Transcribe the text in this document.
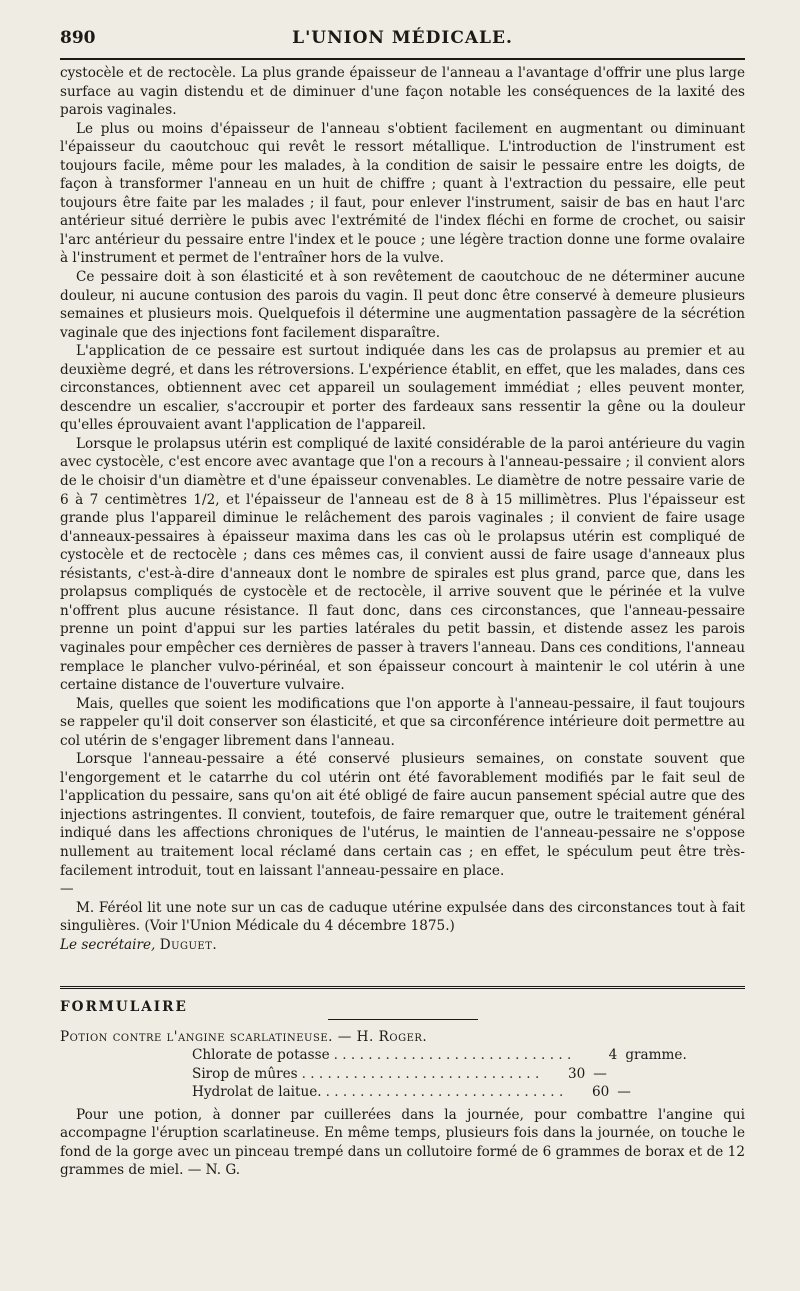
890	L'UNION MÉDICALE.

cystocèle et de rectocèle. La plus grande épaisseur de l'anneau a l'avantage d'offrir une plus large surface au vagin distendu et de diminuer d'une façon notable les conséquences de la laxité des parois vaginales.

Le plus ou moins d'épaisseur de l'anneau s'obtient facilement en augmentant ou diminuant l'épaisseur du caoutchouc qui revêt le ressort métallique. L'introduction de l'instrument est toujours facile, même pour les malades, à la condition de saisir le pessaire entre les doigts, de façon à transformer l'anneau en un huit de chiffre ; quant à l'extraction du pessaire, elle peut toujours être faite par les malades ; il faut, pour enlever l'instrument, saisir de bas en haut l'arc antérieur situé derrière le pubis avec l'extrémité de l'index fléchi en forme de crochet, ou saisir l'arc antérieur du pessaire entre l'index et le pouce ; une légère traction donne une forme ovalaire à l'instrument et permet de l'entraîner hors de la vulve.

Ce pessaire doit à son élasticité et à son revêtement de caoutchouc de ne déterminer aucune douleur, ni aucune contusion des parois du vagin. Il peut donc être conservé à demeure plusieurs semaines et plusieurs mois. Quelquefois il détermine une augmentation passagère de la sécrétion vaginale que des injections font facilement disparaître.

L'application de ce pessaire est surtout indiquée dans les cas de prolapsus au premier et au deuxième degré, et dans les rétroversions. L'expérience établit, en effet, que les malades, dans ces circonstances, obtiennent avec cet appareil un soulagement immédiat ; elles peuvent monter, descendre un escalier, s'accroupir et porter des fardeaux sans ressentir la gêne ou la douleur qu'elles éprouvaient avant l'application de l'appareil.

Lorsque le prolapsus utérin est compliqué de laxité considérable de la paroi antérieure du vagin avec cystocèle, c'est encore avec avantage que l'on a recours à l'anneau-pessaire ; il convient alors de le choisir d'un diamètre et d'une épaisseur convenables. Le diamètre de notre pessaire varie de 6 à 7 centimètres 1/2, et l'épaisseur de l'anneau est de 8 à 15 millimètres. Plus l'épaisseur est grande plus l'appareil diminue le relâchement des parois vaginales ; il convient de faire usage d'anneaux-pessaires à épaisseur maxima dans les cas où le prolapsus utérin est compliqué de cystocèle et de rectocèle ; dans ces mêmes cas, il convient aussi de faire usage d'anneaux plus résistants, c'est-à-dire d'anneaux dont le nombre de spirales est plus grand, parce que, dans les prolapsus compliqués de cystocèle et de rectocèle, il arrive souvent que le périnée et la vulve n'offrent plus aucune résistance. Il faut donc, dans ces circonstances, que l'anneau-pessaire prenne un point d'appui sur les parties latérales du petit bassin, et distende assez les parois vaginales pour empêcher ces dernières de passer à travers l'anneau. Dans ces conditions, l'anneau remplace le plancher vulvo-périnéal, et son épaisseur concourt à maintenir le col utérin à une certaine distance de l'ouverture vulvaire.

Mais, quelles que soient les modifications que l'on apporte à l'anneau-pessaire, il faut toujours se rappeler qu'il doit conserver son élasticité, et que sa circonférence intérieure doit permettre au col utérin de s'engager librement dans l'anneau.

Lorsque l'anneau-pessaire a été conservé plusieurs semaines, on constate souvent que l'engorgement et le catarrhe du col utérin ont été favorablement modifiés par le fait seul de l'application du pessaire, sans qu'on ait été obligé de faire aucun pansement spécial autre que des injections astringentes. Il convient, toutefois, de faire remarquer que, outre le traitement général indiqué dans les affections chroniques de l'utérus, le maintien de l'anneau-pessaire ne s'oppose nullement au traitement local réclamé dans certain cas ; en effet, le spéculum peut être très-facilement introduit, tout en laissant l'anneau-pessaire en place.

—

M. Féréol lit une note sur un cas de caduque utérine expulsée dans des circonstances tout à fait singulières. (Voir l'Union Médicale du 4 décembre 1875.)

Le secrétaire, Duguet.

FORMULAIRE

Potion contre l'angine scarlatineuse. — H. Roger.

Chlorate de potasse . . . . . . . . . . . . . . . . . . . . . . . . . . . .	4 gramme.
Sirop de mûres . . . . . . . . . . . . . . . . . . . . . . . . . . . .	30 —
Hydrolat de laitue. . . . . . . . . . . . . . . . . . . . . . . . . . . . .	60 —

Pour une potion, à donner par cuillerées dans la journée, pour combattre l'angine qui accompagne l'éruption scarlatineuse. En même temps, plusieurs fois dans la journée, on touche le fond de la gorge avec un pinceau trempé dans un collutoire formé de 6 grammes de borax et de 12 grammes de miel. — N. G.
